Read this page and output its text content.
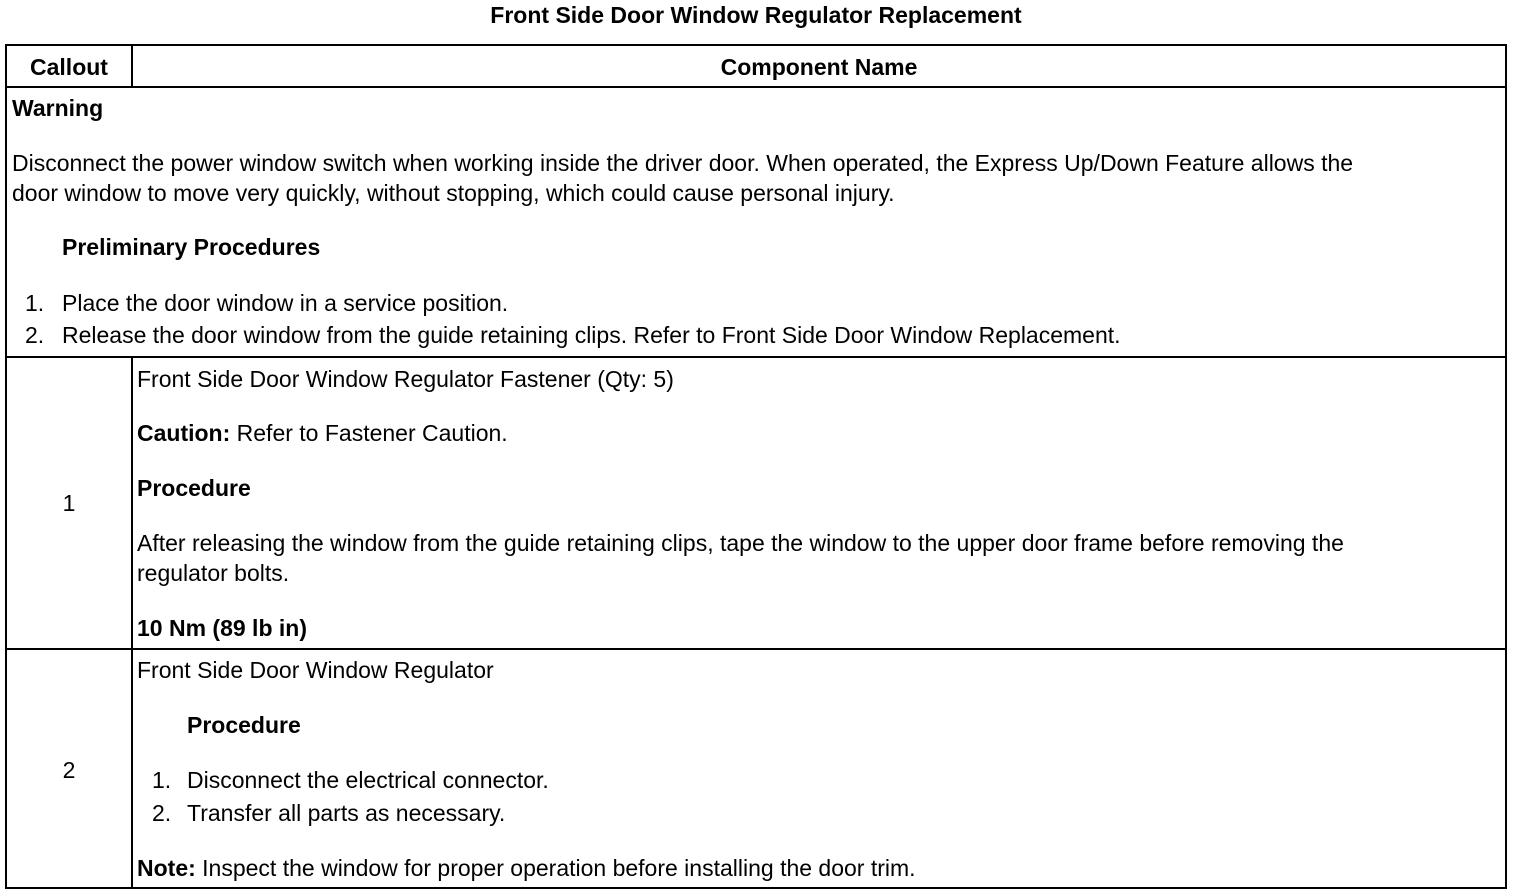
Front Side Door Window Regulator Replacement
Callout	Component Name
Warning
Disconnect the power window switch when working inside the driver door. When operated, the Express Up/Down Feature allows the
door window to move very quickly, without stopping, which could cause personal injury.
Preliminary Procedures
1. Place the door window in a service position.
2. Release the door window from the guide retaining clips. Refer to Front Side Door Window Replacement.
1
Front Side Door Window Regulator Fastener (Qty: 5)
Caution: Refer to Fastener Caution.
Procedure
After releasing the window from the guide retaining clips, tape the window to the upper door frame before removing the
regulator bolts.
10 Nm (89 lb in)
2
Front Side Door Window Regulator
Procedure
1. Disconnect the electrical connector.
2. Transfer all parts as necessary.
Note: Inspect the window for proper operation before installing the door trim.
